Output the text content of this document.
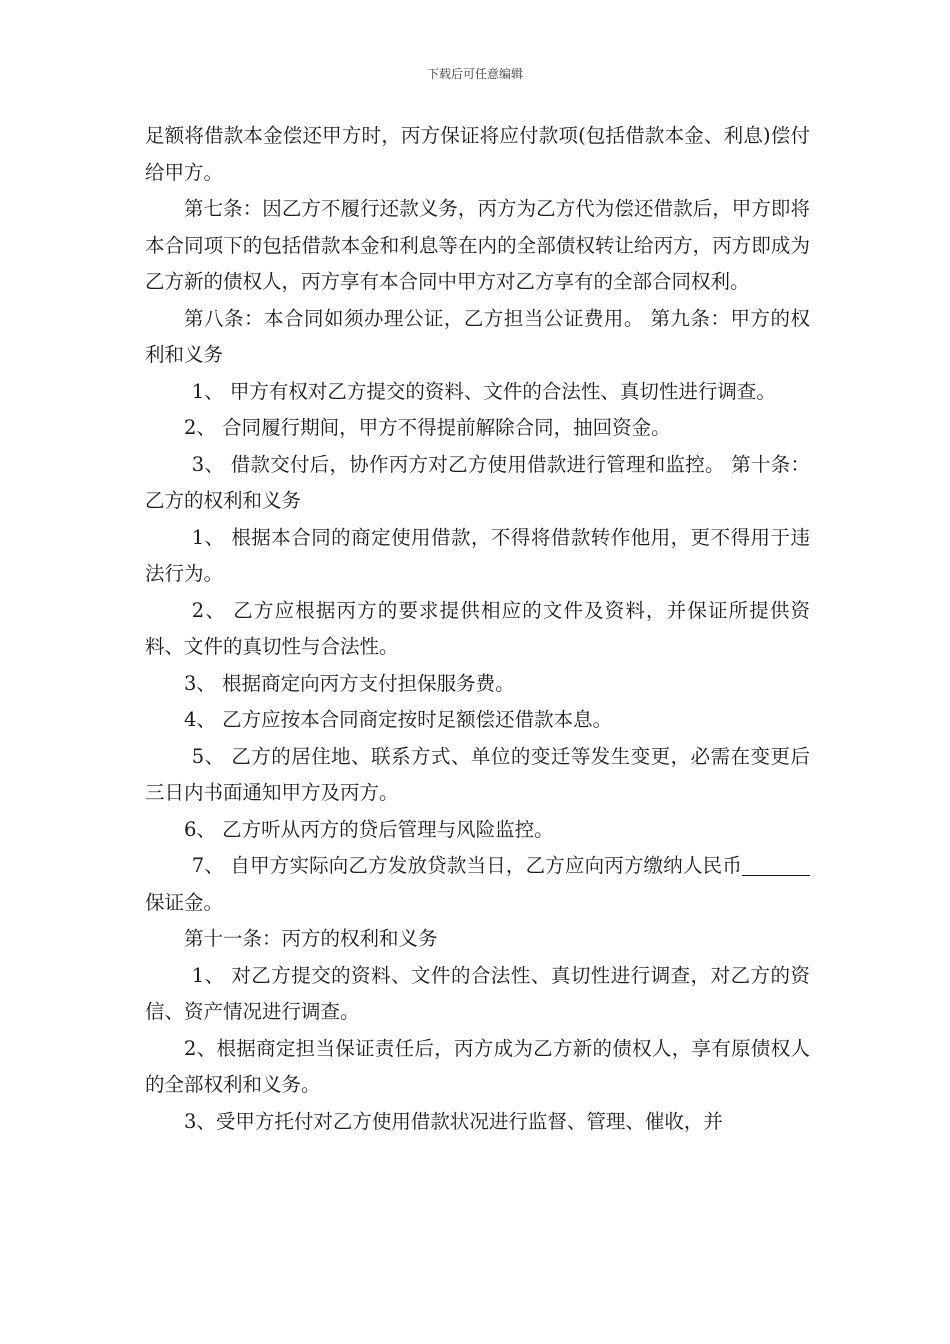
下载后可任意编辑

足额将借款本金偿还甲方时，丙方保证将应付款项(包括借款本金、利息)偿付给甲方。

第七条：因乙方不履行还款义务，丙方为乙方代为偿还借款后，甲方即将本合同项下的包括借款本金和利息等在内的全部债权转让给丙方，丙方即成为乙方新的债权人，丙方享有本合同中甲方对乙方享有的全部合同权利。

第八条：本合同如须办理公证，乙方担当公证费用。 第九条：甲方的权利和义务

1、 甲方有权对乙方提交的资料、文件的合法性、真切性进行调查。

2、 合同履行期间，甲方不得提前解除合同，抽回资金。

3、 借款交付后，协作丙方对乙方使用借款进行管理和监控。 第十条：乙方的权利和义务

1、 根据本合同的商定使用借款，不得将借款转作他用，更不得用于违法行为。

2、 乙方应根据丙方的要求提供相应的文件及资料，并保证所提供资料、文件的真切性与合法性。

3、 根据商定向丙方支付担保服务费。

4、 乙方应按本合同商定按时足额偿还借款本息。

5、 乙方的居住地、联系方式、单位的变迁等发生变更，必需在变更后三日内书面通知甲方及丙方。

6、 乙方听从丙方的贷后管理与风险监控。

7、 自甲方实际向乙方发放贷款当日，乙方应向丙方缴纳人民币保证金。

第十一条：丙方的权利和义务

1、 对乙方提交的资料、文件的合法性、真切性进行调查，对乙方的资信、资产情况进行调查。

2、根据商定担当保证责任后，丙方成为乙方新的债权人，享有原债权人的全部权利和义务。

3、受甲方托付对乙方使用借款状况进行监督、管理、催收，并
